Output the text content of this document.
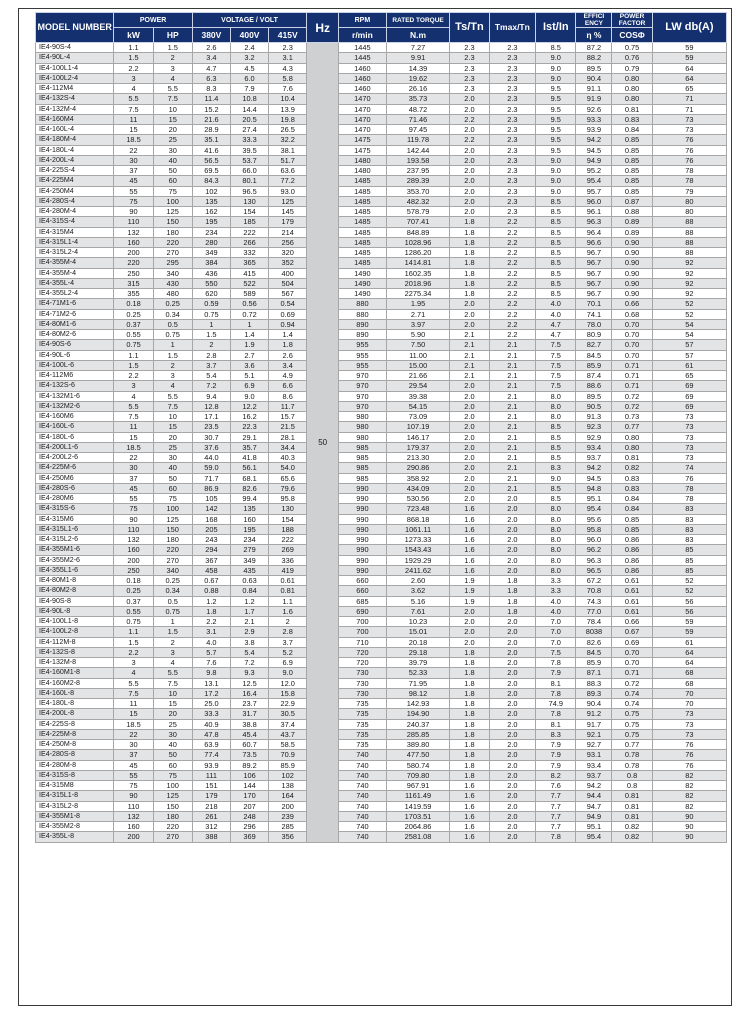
MODEL NUMBER	POWER		VOLTAGE / VOLT			Hz	RPM	RATED TORQUE	Ts/Tn	Tmax/Tn	Ist/In	EFFICI ENCY	POWER FACTOR	LW db(A)
	kW	HP	380V	400V	415V		r/min	N.m				η %	COSΦ	
IE4-90S-4	1.1	1.5	2.6	2.4	2.3	50	1445	7.27	2.3	2.3	8.5	87.2	0.75	59
IE4-90L-4	1.5	2	3.4	3.2	3.1		1445	9.91	2.3	2.3	9.0	88.2	0.76	59
IE4-100L1-4	2.2	3	4.7	4.5	4.3		1460	14.39	2.3	2.3	9.0	89.5	0.79	64
IE4-100L2-4	3	4	6.3	6.0	5.8		1460	19.62	2.3	2.3	9.0	90.4	0.80	64
IE4-112M4	4	5.5	8.3	7.9	7.6		1460	26.16	2.3	2.3	9.5	91.1	0.80	65
IE4-132S-4	5.5	7.5	11.4	10.8	10.4		1470	35.73	2.0	2.3	9.5	91.9	0.80	71
IE4-132M-4	7.5	10	15.2	14.4	13.9		1470	48.72	2.0	2.3	9.5	92.6	0.81	71
IE4-160M4	11	15	21.6	20.5	19.8		1470	71.46	2.2	2.3	9.5	93.3	0.83	73
IE4-160L-4	15	20	28.9	27.4	26.5		1470	97.45	2.0	2.3	9.5	93.9	0.84	73
IE4-180M-4	18.5	25	35.1	33.3	32.2		1475	119.78	2.2	2.3	9.5	94.2	0.85	76
IE4-180L-4	22	30	41.6	39.5	38.1		1475	142.44	2.0	2.3	9.5	94.5	0.85	76
IE4-200L-4	30	40	56.5	53.7	51.7		1480	193.58	2.0	2.3	9.0	94.9	0.85	76
IE4-225S-4	37	50	69.5	66.0	63.6		1480	237.95	2.0	2.3	9.0	95.2	0.85	78
IE4-225M4	45	60	84.3	80.1	77.2		1485	289.39	2.0	2.3	9.0	95.4	0.85	78
IE4-250M4	55	75	102	96.5	93.0		1485	353.70	2.0	2.3	9.0	95.7	0.85	79
IE4-280S-4	75	100	135	130	125		1485	482.32	2.0	2.3	8.5	96.0	0.87	80
IE4-280M-4	90	125	162	154	145		1485	578.79	2.0	2.3	8.5	96.1	0.88	80
IE4-315S-4	110	150	195	185	179		1485	707.41	1.8	2.2	8.5	96.3	0.89	88
IE4-315M4	132	180	234	222	214		1485	848.89	1.8	2.2	8.5	96.4	0.89	88
IE4-315L1-4	160	220	280	266	256		1485	1028.96	1.8	2.2	8.5	96.6	0.90	88
IE4-315L2-4	200	270	349	332	320		1485	1286.20	1.8	2.2	8.5	96.7	0.90	88
IE4-355M-4	220	295	384	365	352		1485	1414.81	1.8	2.2	8.5	96.7	0.90	92
IE4-355M-4	250	340	436	415	400		1490	1602.35	1.8	2.2	8.5	96.7	0.90	92
IE4-355L-4	315	430	550	522	504		1490	2018.96	1.8	2.2	8.5	96.7	0.90	92
IE4-355L2-4	355	480	620	589	567		1490	2275.34	1.8	2.2	8.5	96.7	0.90	92
IE4-71M1-6	0.18	0.25	0.59	0.56	0.54		880	1.95	2.0	2.2	4.0	70.1	0.66	52
IE4-71M2-6	0.25	0.34	0.75	0.72	0.69		880	2.71	2.0	2.2	4.0	74.1	0.68	52
IE4-80M1-6	0.37	0.5	1	1	0.94		890	3.97	2.0	2.2	4.7	78.0	0.70	54
IE4-80M2-6	0.55	0.75	1.5	1.4	1.4		890	5.90	2.1	2.2	4.7	80.9	0.70	54
IE4-90S-6	0.75	1	2	1.9	1.8		955	7.50	2.1	2.1	7.5	82.7	0.70	57
IE4-90L-6	1.1	1.5	2.8	2.7	2.6		955	11.00	2.1	2.1	7.5	84.5	0.70	57
IE4-100L-6	1.5	2	3.7	3.6	3.4		955	15.00	2.1	2.1	7.5	85.9	0.71	61
IE4-112M6	2.2	3	5.4	5.1	4.9		970	21.66	2.1	2.1	7.5	87.4	0.71	65
IE4-132S-6	3	4	7.2	6.9	6.6		970	29.54	2.0	2.1	7.5	88.6	0.71	69
IE4-132M1-6	4	5.5	9.4	9.0	8.6		970	39.38	2.0	2.1	8.0	89.5	0.72	69
IE4-132M2-6	5.5	7.5	12.8	12.2	11.7		970	54.15	2.0	2.1	8.0	90.5	0.72	69
IE4-160M6	7.5	10	17.1	16.2	15.7		980	73.09	2.0	2.1	8.0	91.3	0.73	73
IE4-160L-6	11	15	23.5	22.3	21.5		980	107.19	2.0	2.1	8.5	92.3	0.77	73
IE4-180L-6	15	20	30.7	29.1	28.1		980	146.17	2.0	2.1	8.5	92.9	0.80	73
IE4-200L1-6	18.5	25	37.6	35.7	34.4		985	179.37	2.0	2.1	8.5	93.4	0.80	73
IE4-200L2-6	22	30	44.0	41.8	40.3		985	213.30	2.0	2.1	8.5	93.7	0.81	73
IE4-225M-6	30	40	59.0	56.1	54.0		985	290.86	2.0	2.1	8.3	94.2	0.82	74
IE4-250M6	37	50	71.7	68.1	65.6		985	358.92	2.0	2.1	9.0	94.5	0.83	76
IE4-280S-6	45	60	86.9	82.6	79.6		990	434.09	2.0	2.1	8.5	94.8	0.83	78
IE4-280M6	55	75	105	99.4	95.8		990	530.56	2.0	2.0	8.5	95.1	0.84	78
IE4-315S-6	75	100	142	135	130		990	723.48	1.6	2.0	8.0	95.4	0.84	83
IE4-315M6	90	125	168	160	154		990	868.18	1.6	2.0	8.0	95.6	0.85	83
IE4-315L1-6	110	150	205	195	188		990	1061.11	1.6	2.0	8.0	95.8	0.85	83
IE4-315L2-6	132	180	243	234	222		990	1273.33	1.6	2.0	8.0	96.0	0.86	83
IE4-355M1-6	160	220	294	279	269		990	1543.43	1.6	2.0	8.0	96.2	0.86	85
IE4-355M2-6	200	270	367	349	336		990	1929.29	1.6	2.0	8.0	96.3	0.86	85
IE4-355L1-6	250	340	458	435	419		990	2411.62	1.6	2.0	8.0	96.5	0.86	85
IE4-80M1-8	0.18	0.25	0.67	0.63	0.61		660	2.60	1.9	1.8	3.3	67.2	0.61	52
IE4-80M2-8	0.25	0.34	0.88	0.84	0.81		660	3.62	1.9	1.8	3.3	70.8	0.61	52
IE4-90S-8	0.37	0.5	1.2	1.2	1.1		685	5.16	1.9	1.8	4.0	74.3	0.61	56
IE4-90L-8	0.55	0.75	1.8	1.7	1.6		690	7.61	2.0	1.8	4.0	77.0	0.61	56
IE4-100L1-8	0.75	1	2.2	2.1	2		700	10.23	2.0	2.0	7.0	78.4	0.66	59
IE4-100L2-8	1.1	1.5	3.1	2.9	2.8		700	15.01	2.0	2.0	7.0	8038	0.67	59
IE4-112M-8	1.5	2	4.0	3.8	3.7		710	20.18	2.0	2.0	7.0	82.6	0.69	61
IE4-132S-8	2.2	3	5.7	5.4	5.2		720	29.18	1.8	2.0	7.5	84.5	0.70	64
IE4-132M-8	3	4	7.6	7.2	6.9		720	39.79	1.8	2.0	7.8	85.9	0.70	64
IE4-160M1-8	4	5.5	9.8	9.3	9.0		730	52.33	1.8	2.0	7.9	87.1	0.71	68
IE4-160M2-8	5.5	7.5	13.1	12.5	12.0		730	71.95	1.8	2.0	8.1	88.3	0.72	68
IE4-160L-8	7.5	10	17.2	16.4	15.8		730	98.12	1.8	2.0	7.8	89.3	0.74	70
IE4-180L-8	11	15	25.0	23.7	22.9		735	142.93	1.8	2.0	74.9	90.4	0.74	70
IE4-200L-8	15	20	33.3	31.7	30.5		735	194.90	1.8	2.0	7.8	91.2	0.75	73
IE4-225S-8	18.5	25	40.9	38.8	37.4		735	240.37	1.8	2.0	8.1	91.7	0.75	73
IE4-225M-8	22	30	47.8	45.4	43.7		735	285.85	1.8	2.0	8.3	92.1	0.75	73
IE4-250M-8	30	40	63.9	60.7	58.5		735	389.80	1.8	2.0	7.9	92.7	0.77	76
IE4-280S-8	37	50	77.4	73.5	70.9		740	477.50	1.8	2.0	7.9	93.1	0.78	76
IE4-280M-8	45	60	93.9	89.2	85.9		740	580.74	1.8	2.0	7.9	93.4	0.78	76
IE4-315S-8	55	75	111	106	102		740	709.80	1.8	2.0	8.2	93.7	0.8	82
IE4-315M8	75	100	151	144	138		740	967.91	1.6	2.0	7.6	94.2	0.8	82
IE4-315L1-8	90	125	179	170	164		740	1161.49	1.6	2.0	7.7	94.4	0.81	82
IE4-315L2-8	110	150	218	207	200		740	1419.59	1.6	2.0	7.7	94.7	0.81	82
IE4-355M1-8	132	180	261	248	239		740	1703.51	1.6	2.0	7.7	94.9	0.81	90
IE4-355M2-8	160	220	312	296	285		740	2064.86	1.6	2.0	7.7	95.1	0.82	90
IE4-355L-8	200	270	388	369	356		740	2581.08	1.6	2.0	7.8	95.4	0.82	90
